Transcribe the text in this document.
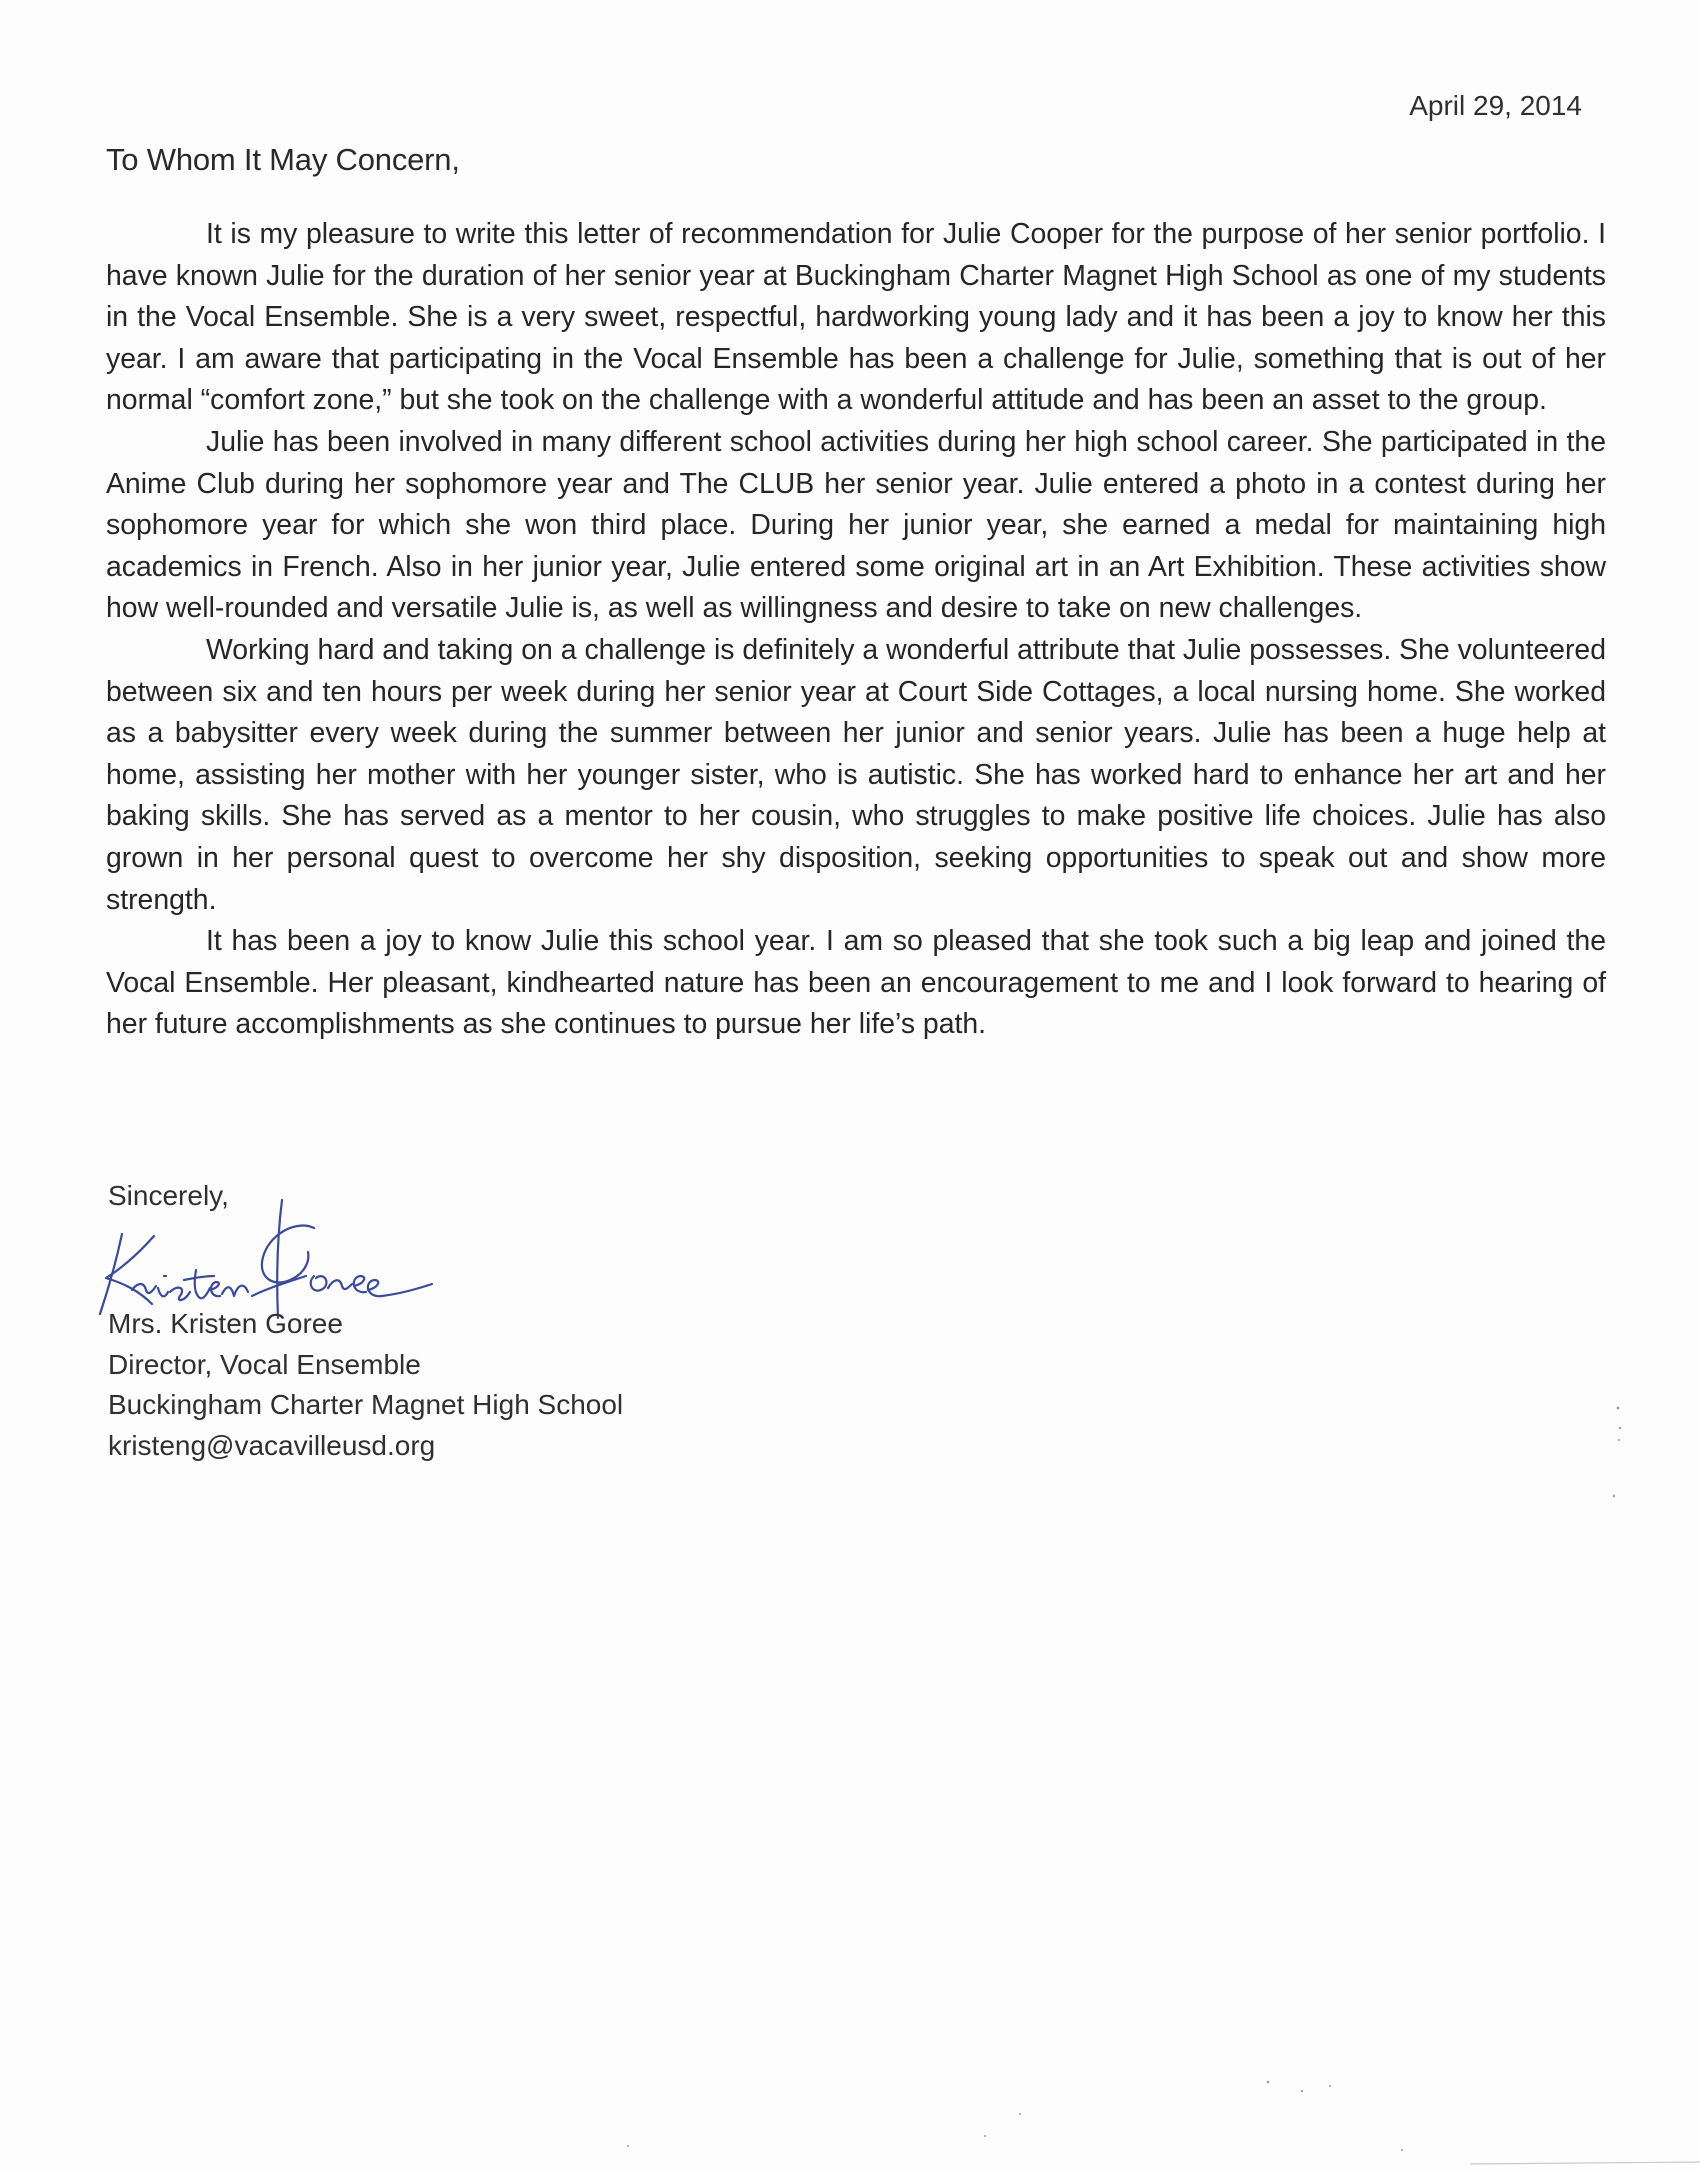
April 29, 2014
To Whom It May Concern,

It is my pleasure to write this letter of recommendation for Julie Cooper for the purpose of her senior portfolio. I have known Julie for the duration of her senior year at Buckingham Charter Magnet High School as one of my students in the Vocal Ensemble. She is a very sweet, respectful, hardworking young lady and it has been a joy to know her this year. I am aware that participating in the Vocal Ensemble has been a challenge for Julie, something that is out of her normal “comfort zone,” but she took on the challenge with a wonderful attitude and has been an asset to the group.

Julie has been involved in many different school activities during her high school career. She participated in the Anime Club during her sophomore year and The CLUB her senior year. Julie entered a photo in a contest during her sophomore year for which she won third place. During her junior year, she earned a medal for maintaining high academics in French. Also in her junior year, Julie entered some original art in an Art Exhibition. These activities show how well-rounded and versatile Julie is, as well as willingness and desire to take on new challenges.

Working hard and taking on a challenge is definitely a wonderful attribute that Julie possesses. She volunteered between six and ten hours per week during her senior year at Court Side Cottages, a local nursing home. She worked as a babysitter every week during the summer between her junior and senior years. Julie has been a huge help at home, assisting her mother with her younger sister, who is autistic. She has worked hard to enhance her art and her baking skills. She has served as a mentor to her cousin, who struggles to make positive life choices. Julie has also grown in her personal quest to overcome her shy disposition, seeking opportunities to speak out and show more strength.

It has been a joy to know Julie this school year. I am so pleased that she took such a big leap and joined the Vocal Ensemble. Her pleasant, kindhearted nature has been an encouragement to me and I look forward to hearing of her future accomplishments as she continues to pursue her life’s path.

Sincerely,
Mrs. Kristen Goree
Director, Vocal Ensemble
Buckingham Charter Magnet High School
kristeng@vacavilleusd.org
